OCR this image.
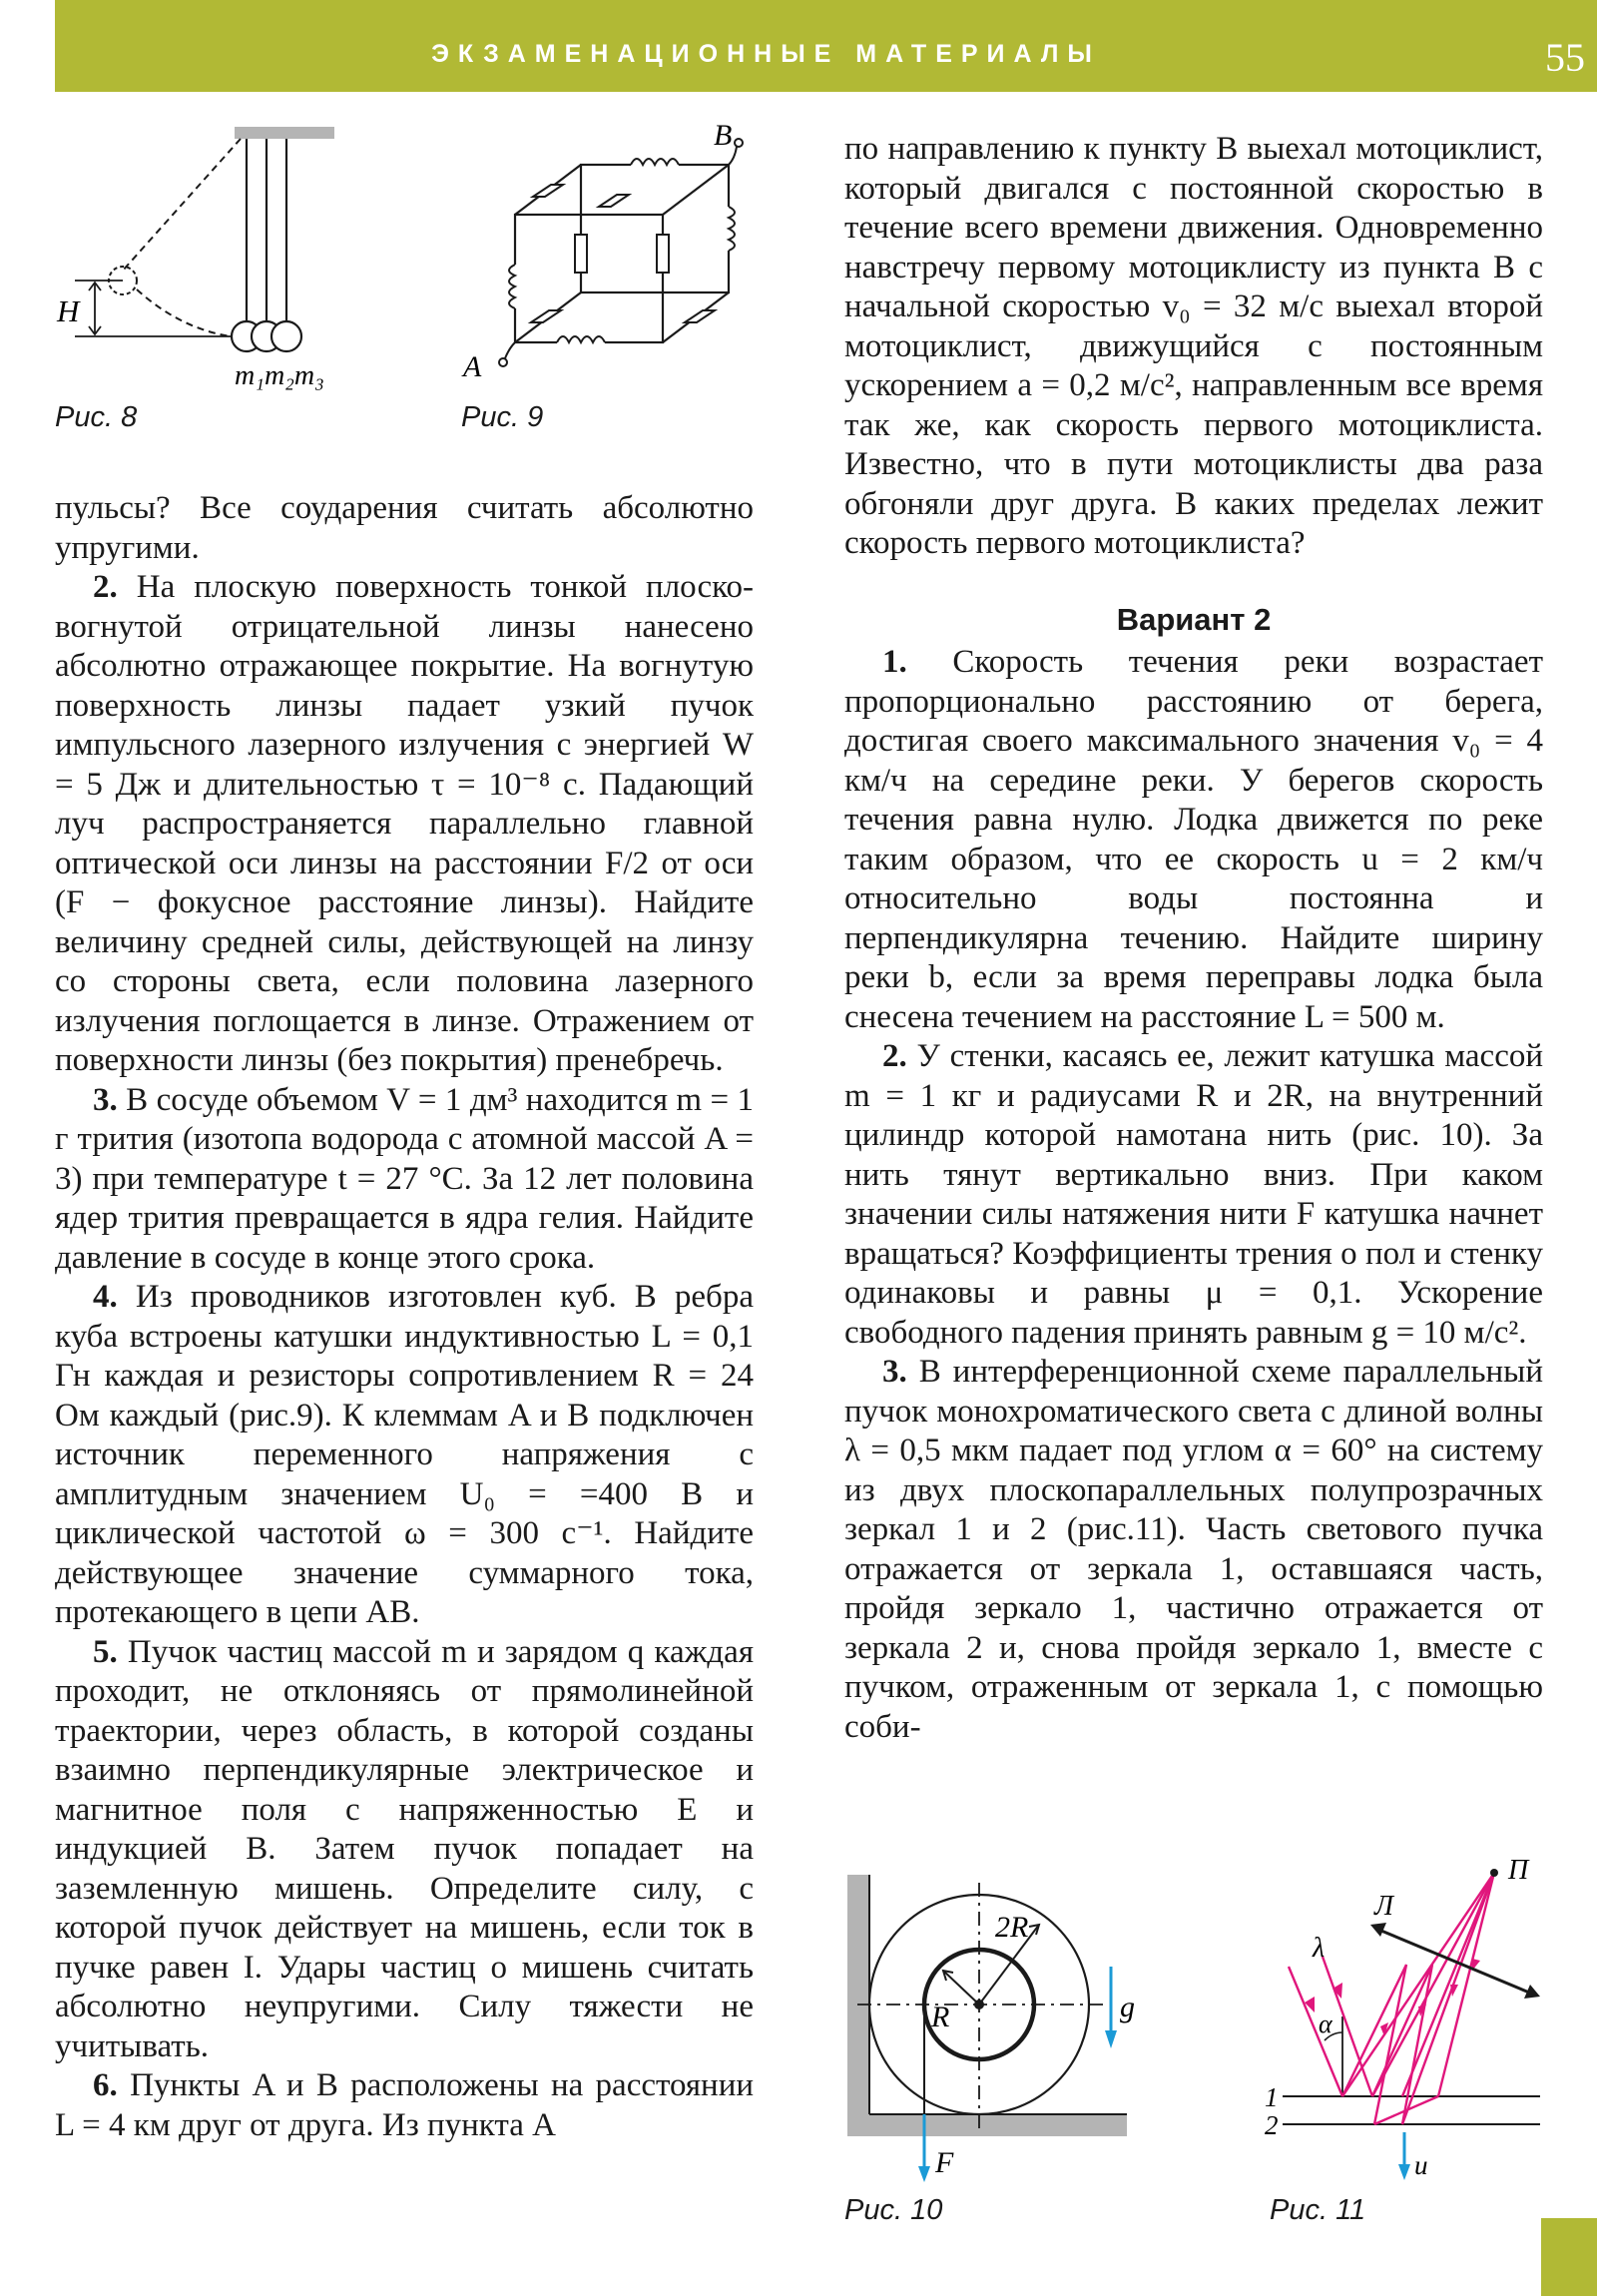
ЭКЗАМЕНАЦИОННЫЕ МАТЕРИАЛЫ	55
H
m₁m₂m₃
Рис. 8
B
A
Рис. 9

пульсы? Все соударения считать абсолютно упругими.

2. На плоскую поверхность тонкой плоско-вогнутой отрицательной линзы нанесено абсолютно отражающее покрытие. На вогнутую поверхность линзы падает узкий пучок импульсного лазерного излучения с энергией W = 5 Дж и длительностью τ = 10⁻⁸ с. Падающий луч распространяется параллельно главной оптической оси линзы на расстоянии F/2 от оси (F − фокусное расстояние линзы). Найдите величину средней силы, действующей на линзу со стороны света, если половина лазерного излучения поглощается в линзе. Отражением от поверхности линзы (без покрытия) пренебречь.

3. В сосуде объемом V = 1 дм³ находится m = 1 г трития (изотопа водорода с атомной массой A = 3) при температуре t = 27 °C. За 12 лет половина ядер трития превращается в ядра гелия. Найдите давление в сосуде в конце этого срока.

4. Из проводников изготовлен куб. В ребра куба встроены катушки индуктивностью L = 0,1 Гн каждая и резисторы сопротивлением R = 24 Ом каждый (рис.9). К клеммам A и B подключен источник переменного напряжения с амплитудным значением U₀ = =400 В и циклической частотой ω = 300 с⁻¹. Найдите действующее значение суммарного тока, протекающего в цепи AB.

5. Пучок частиц массой m и зарядом q каждая проходит, не отклоняясь от прямолинейной траектории, через область, в которой созданы взаимно перпендикулярные электрическое и магнитное поля с напряженностью E и индукцией B. Затем пучок попадает на заземленную мишень. Определите силу, с которой пучок действует на мишень, если ток в пучке равен I. Удары частиц о мишень считать абсолютно неупругими. Силу тяжести не учитывать.

6. Пункты A и B расположены на расстоянии L = 4 км друг от друга. Из пункта A

по направлению к пункту B выехал мотоциклист, который двигался с постоянной скоростью в течение всего времени движения. Одновременно навстречу первому мотоциклисту из пункта B с начальной скоростью v₀ = 32 м/с выехал второй мотоциклист, движущийся с постоянным ускорением a = 0,2 м/с², направленным все время так же, как скорость первого мотоциклиста. Известно, что в пути мотоциклисты два раза обгоняли друг друга. В каких пределах лежит скорость первого мотоциклиста?

Вариант 2

1. Скорость течения реки возрастает пропорционально расстоянию от берега, достигая своего максимального значения v₀ = 4 км/ч на середине реки. У берегов скорость течения равна нулю. Лодка движется по реке таким образом, что ее скорость u = 2 км/ч относительно воды постоянна и перпендикулярна течению. Найдите ширину реки b, если за время переправы лодка была снесена течением на расстояние L = 500 м.

2. У стенки, касаясь ее, лежит катушка массой m = 1 кг и радиусами R и 2R, на внутренний цилиндр которой намотана нить (рис. 10). За нить тянут вертикально вниз. При каком значении силы натяжения нити F катушка начнет вращаться? Коэффициенты трения о пол и стенку одинаковы и равны μ = 0,1. Ускорение свободного падения принять равным g = 10 м/с².

3. В интерференционной схеме параллельный пучок монохроматического света с длиной волны λ = 0,5 мкм падает под углом α = 60° на систему из двух плоскопараллельных полупрозрачных зеркал 1 и 2 (рис.11). Часть светового пучка отражается от зеркала 1, оставшаяся часть, пройдя зеркало 1, частично отражается от зеркала 2 и, снова пройдя зеркало 1, вместе с пучком, отраженным от зеркала 1, с помощью соби-

2R
R	g
F
Рис. 10
Л
П
λ
α
1
2
u
Рис. 11
